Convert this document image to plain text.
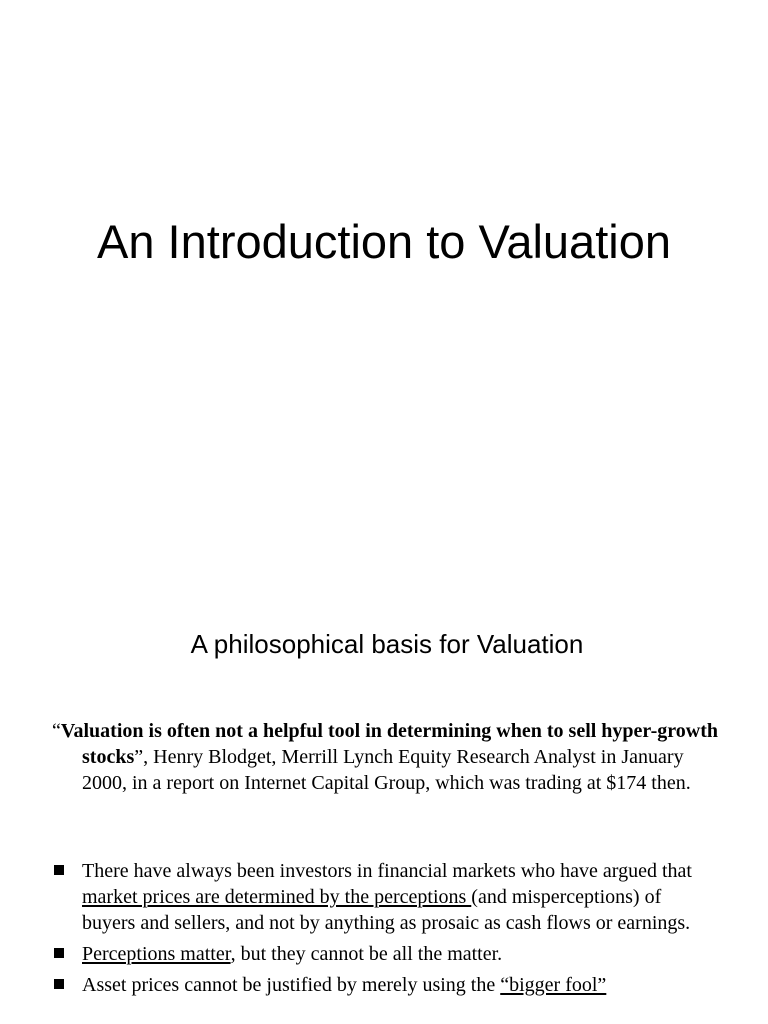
An Introduction to Valuation
A philosophical basis for Valuation

“Valuation is often not a helpful tool in determining when to sell hyper-growth stocks”, Henry Blodget, Merrill Lynch Equity Research Analyst in January 2000, in a report on Internet Capital Group, which was trading at $174 then.

There have always been investors in financial markets who have argued that market prices are determined by the perceptions (and misperceptions) of buyers and sellers, and not by anything as prosaic as cash flows or earnings.
Perceptions matter, but they cannot be all the matter.
Asset prices cannot be justified by merely using the “bigger fool”
